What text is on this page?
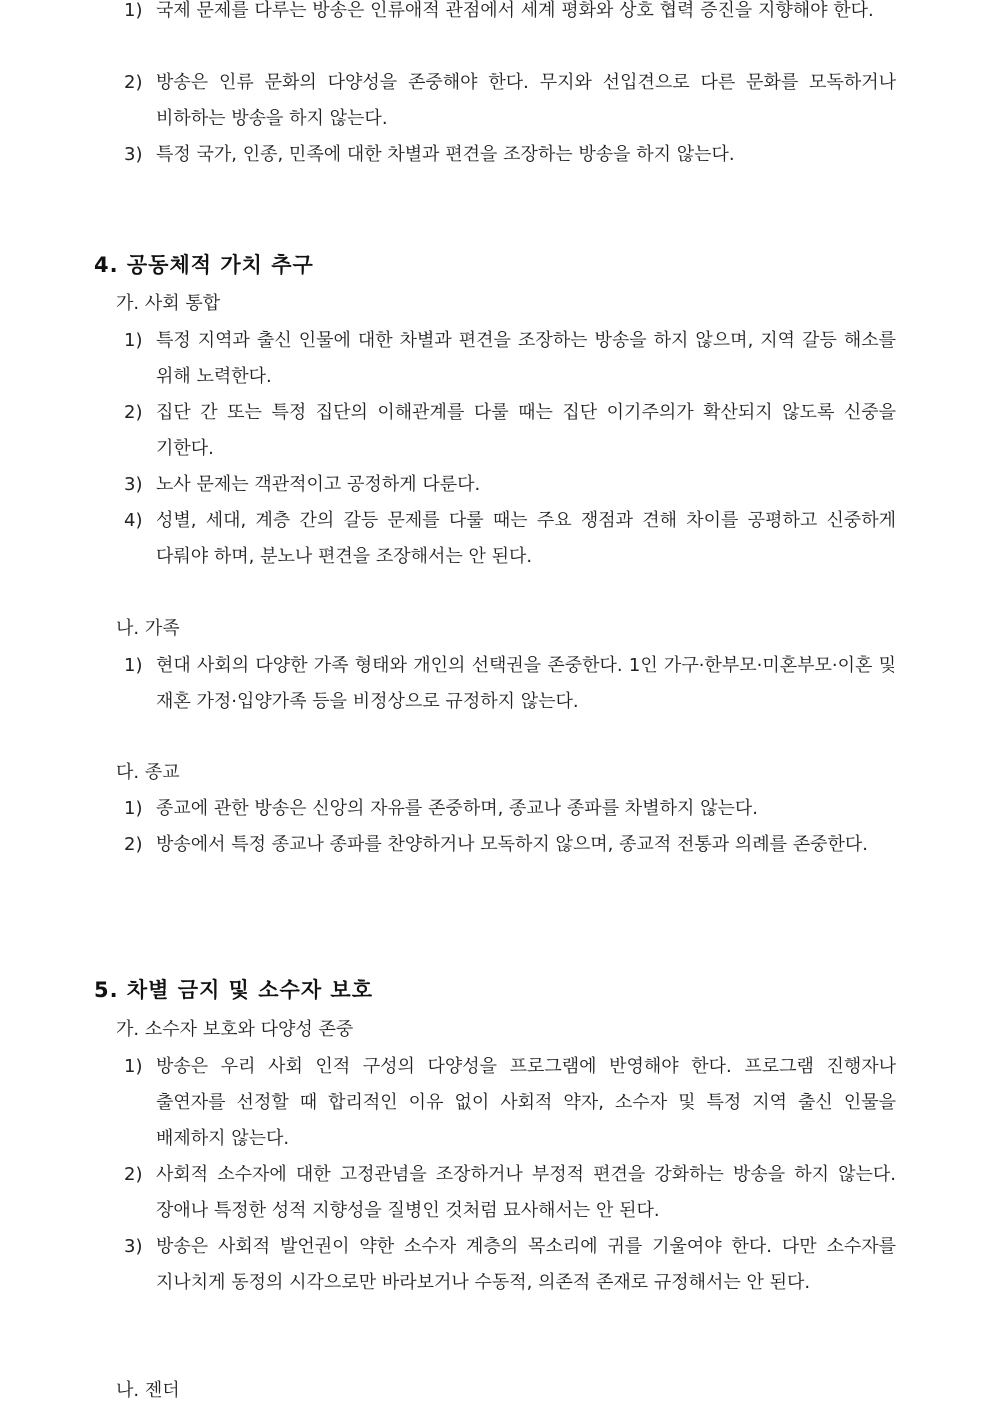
1) 국제 문제를 다루는 방송은 인류애적 관점에서 세계 평화와 상호 협력 증진을 지향해야 한다.
2) 방송은 인류 문화의 다양성을 존중해야 한다. 무지와 선입견으로 다른 문화를 모독하거나 비하하는 방송을 하지 않는다.
3) 특정 국가, 인종, 민족에 대한 차별과 편견을 조장하는 방송을 하지 않는다.
4. 공동체적 가치 추구
가. 사회 통합
1) 특정 지역과 출신 인물에 대한 차별과 편견을 조장하는 방송을 하지 않으며, 지역 갈등 해소를 위해 노력한다.
2) 집단 간 또는 특정 집단의 이해관계를 다룰 때는 집단 이기주의가 확산되지 않도록 신중을 기한다.
3) 노사 문제는 객관적이고 공정하게 다룬다.
4) 성별, 세대, 계층 간의 갈등 문제를 다룰 때는 주요 쟁점과 견해 차이를 공평하고 신중하게 다뤄야 하며, 분노나 편견을 조장해서는 안 된다.
나. 가족
1) 현대 사회의 다양한 가족 형태와 개인의 선택권을 존중한다. 1인 가구·한부모·미혼부모·이혼 및 재혼 가정·입양가족 등을 비정상으로 규정하지 않는다.
다. 종교
1) 종교에 관한 방송은 신앙의 자유를 존중하며, 종교나 종파를 차별하지 않는다.
2) 방송에서 특정 종교나 종파를 찬양하거나 모독하지 않으며, 종교적 전통과 의례를 존중한다.
5. 차별 금지 및 소수자 보호
가. 소수자 보호와 다양성 존중
1) 방송은 우리 사회 인적 구성의 다양성을 프로그램에 반영해야 한다. 프로그램 진행자나 출연자를 선정할 때 합리적인 이유 없이 사회적 약자, 소수자 및 특정 지역 출신 인물을 배제하지 않는다.
2) 사회적 소수자에 대한 고정관념을 조장하거나 부정적 편견을 강화하는 방송을 하지 않는다. 장애나 특정한 성적 지향성을 질병인 것처럼 묘사해서는 안 된다.
3) 방송은 사회적 발언권이 약한 소수자 계층의 목소리에 귀를 기울여야 한다. 다만 소수자를 지나치게 동정의 시각으로만 바라보거나 수동적, 의존적 존재로 규정해서는 안 된다.
나. 젠더
